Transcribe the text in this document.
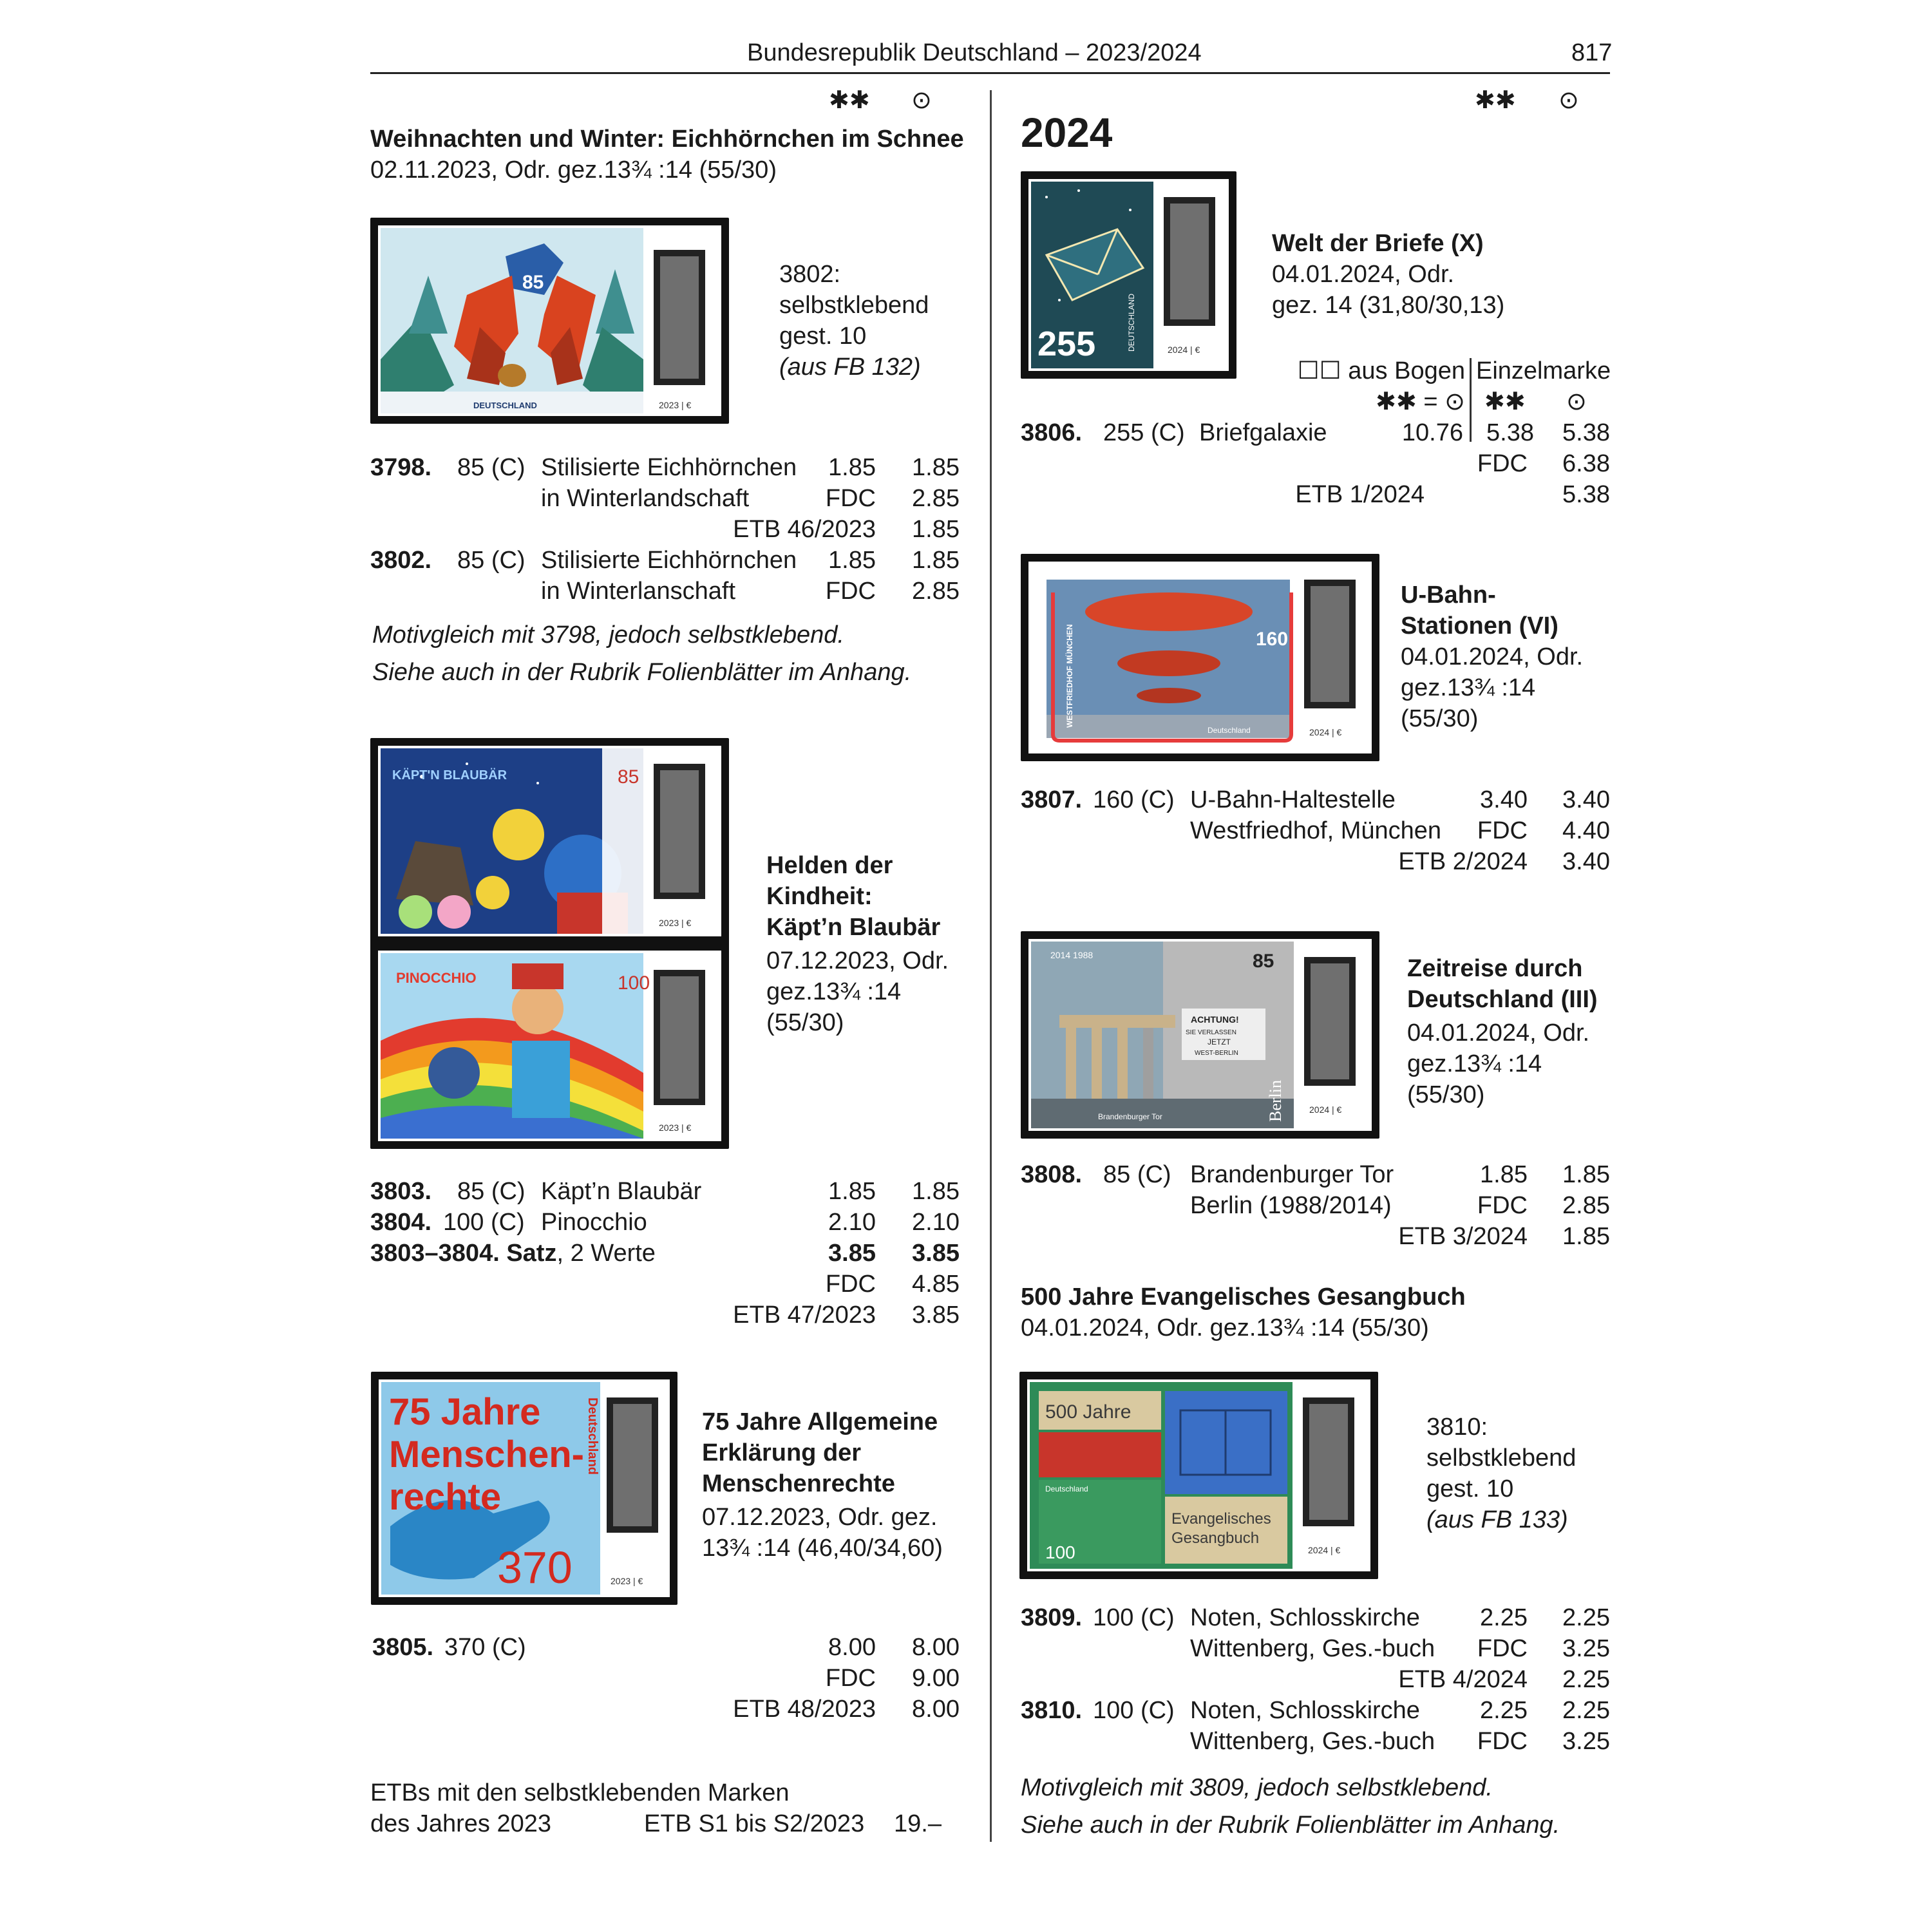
Bundesrepublik Deutschland – 2023/2024	817
✱✱ ⊙	✱✱ ⊙
Weihnachten und Winter: Eichhörnchen im Schnee
02.11.2023, Odr. gez.13¾ :14 (55/30)
85
DEUTSCHLAND	2023 | €
3802:
selbstklebend
gest. 10
(aus FB 132)
3798. 85 (C) Stilisierte Eichhörnchen
in Winterlandschaft
1.85	1.85
FDC	2.85
ETB 46/2023	1.85
3802. 85 (C) Stilisierte Eichhörnchen
in Winterlanschaft
1.85	1.85
FDC	2.85
Motivgleich mit 3798, jedoch selbstklebend.
Siehe auch in der Rubrik Folienblätter im Anhang.
KÄPT'N BLAUBÄR	85
2023 | €
PINOCCHIO	100
2023 | €
Helden der
Kindheit:
Käpt’n Blaubär
07.12.2023, Odr.
gez.13¾ :14
(55/30)
3803. 85 (C) Käpt’n Blaubär	1.85	1.85
3804. 100 (C) Pinocchio	2.10	2.10
3803–3804. Satz, 2 Werte	3.85	3.85
FDC	4.85
ETB 47/2023	3.85
75 Jahre
Menschen-
rechte
370
Deutschland
2023 | €
75 Jahre Allgemeine
Erklärung der
Menschenrechte
07.12.2023, Odr. gez.
13¾ :14 (46,40/34,60)
3805. 370 (C)	8.00	8.00
FDC	9.00
ETB 48/2023	8.00
ETBs mit den selbstklebenden Marken
des Jahres 2023	ETB S1 bis S2/2023 19.–
2024
255	DEUTSCHLAND	2024 | €
Welt der Briefe (X)
04.01.2024, Odr.
gez. 14 (31,80/30,13)
☐☐ aus Bogen Einzelmarke
✱✱ = ⊙ ✱✱ ⊙
3806. 255 (C) Briefgalaxie	10.76 5.38	5.38
FDC	6.38
ETB 1/2024	5.38
160
WESTFRIEDHOF MÜNCHEN
Deutschland	2024 | €
U-Bahn-
Stationen (VI)
04.01.2024, Odr.
gez.13¾ :14
(55/30)
3807. 160 (C) U-Bahn-Haltestelle
Westfriedhof, München
3.40	3.40
FDC	4.40
ETB 2/2024	3.40
2014 1988
ACHTUNG!
SIE VERLASSEN
JETZT
WEST-BERLIN
85
Brandenburger Tor	Berlin	2024 | €
Zeitreise durch
Deutschland (III)
04.01.2024, Odr.
gez.13¾ :14
(55/30)
3808. 85 (C) Brandenburger Tor
Berlin (1988/2014)
1.85	1.85
FDC	2.85
ETB 3/2024	1.85
500 Jahre Evangelisches Gesangbuch
04.01.2024, Odr. gez.13¾ :14 (55/30)
500 Jahre
Deutschland
Evangelisches
Gesangbuch
100	2024 | €
3810:
selbstklebend
gest. 10
(aus FB 133)
3809. 100 (C) Noten, Schlosskirche
Wittenberg, Ges.-buch
2.25	2.25
FDC	3.25
ETB 4/2024	2.25
3810. 100 (C) Noten, Schlosskirche
Wittenberg, Ges.-buch
2.25	2.25
FDC	3.25
Motivgleich mit 3809, jedoch selbstklebend.
Siehe auch in der Rubrik Folienblätter im Anhang.
